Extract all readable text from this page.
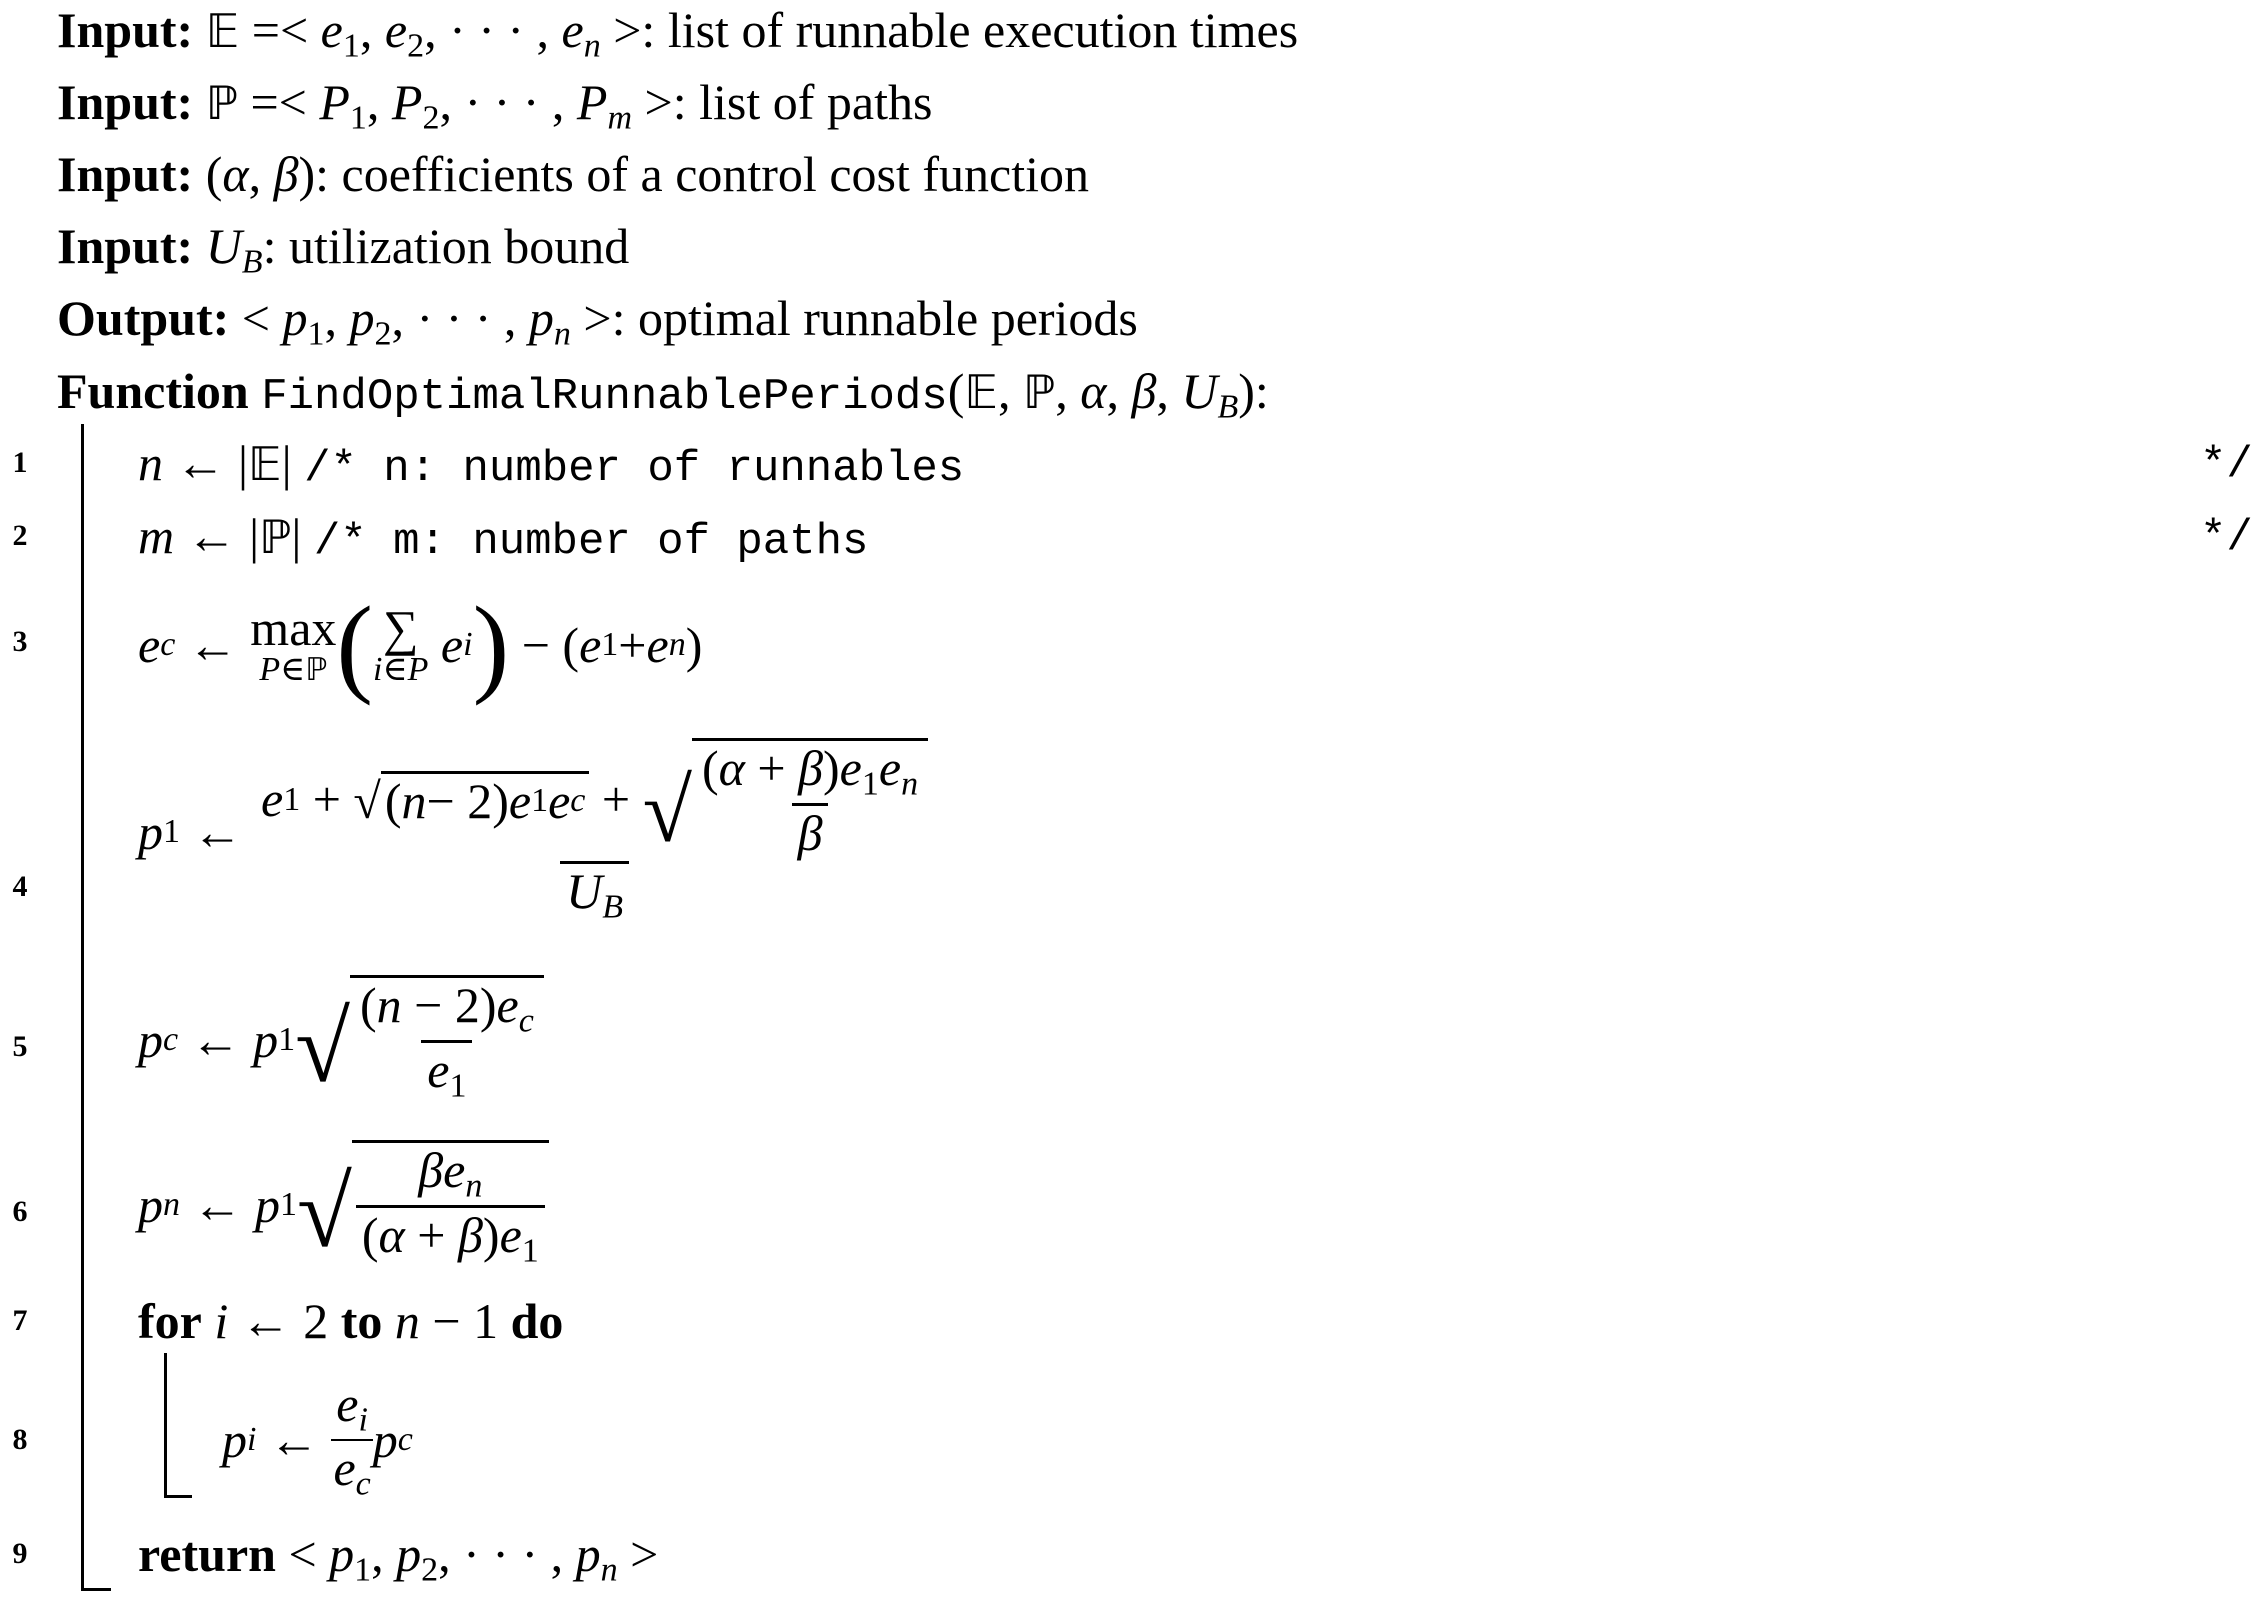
Input: 𝔼 =< $e_1$, $e_2$, · · · , en >: list of runnable execution times
Input: ℙ =< $P_1$, $P_2$, · · · , Pm >: list of paths
Input: (α, β): coefficients of a control cost function
Input: UB: utilization bound
Output: < $p_1$, $p_2$, · · · , pn >: optimal runnable periods
Function FindOptimalRunnablePeriods(𝔼, ℙ, α, β, UB):
1
2
3
4
5
6
7
8
9
n ← |𝔼| /* n: number of runnables	*/
m ← |ℙ| /* m: number of paths	*/
e c ← max
P∈ℙ ( ∑
i∈P e i ) − ( e 1 + e n )
p 1 ←
e 1 + √ ( n − 2) e 1 e c + √ $\frac{(\alpha + \beta)e_1en}{\beta}$
UB
p c ← p 1 √ $\frac{(n - 2)ec}{e_1}$
p n ← p 1 √ $\frac{\text{βen}}{(\alpha + \beta)e_1}$
for i ← 2 to n − 1 do
p i ← $\frac{ei}{ec}$ p c
return < $p_1$, $p_2$, · · · , pn >
